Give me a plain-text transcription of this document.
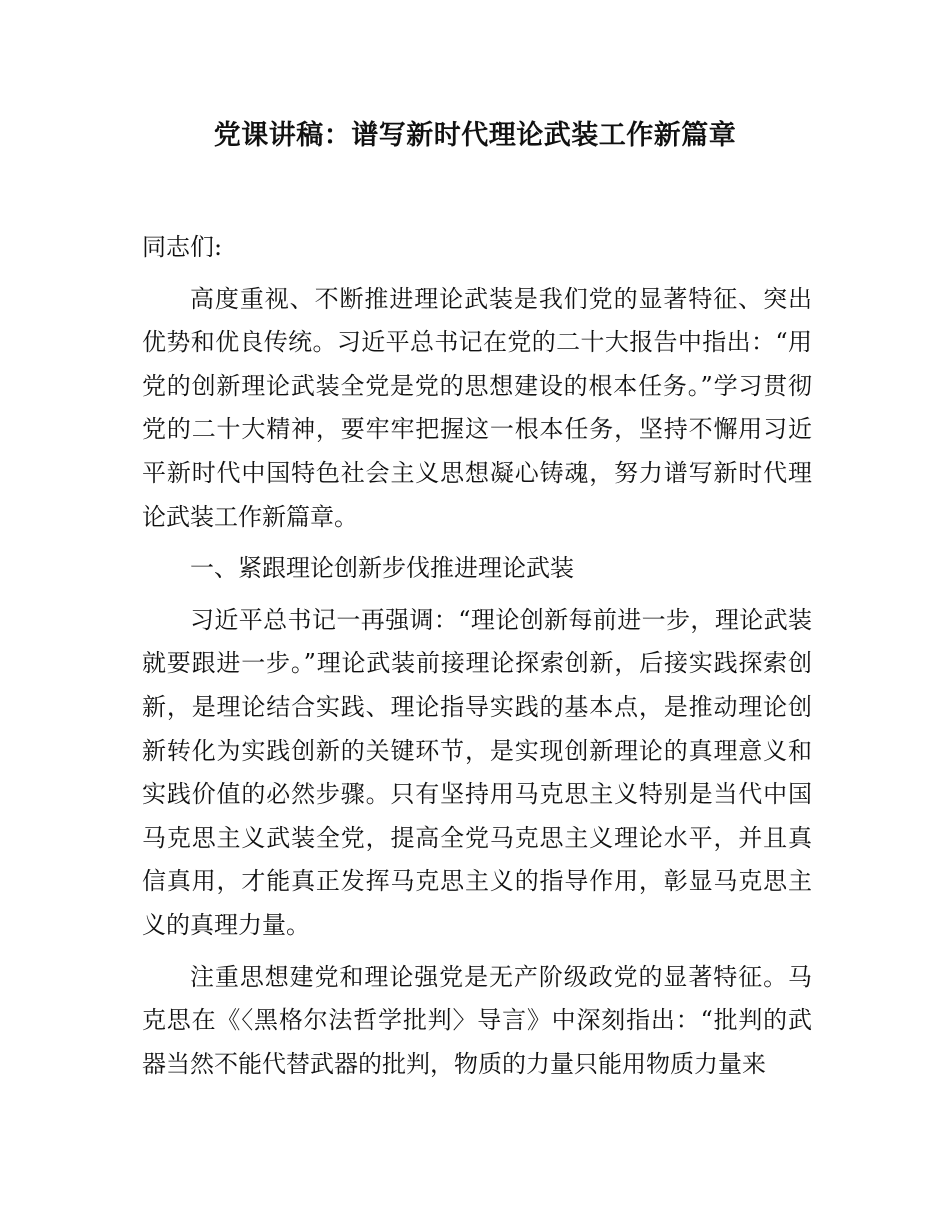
党课讲稿：谱写新时代理论武装工作新篇章

同志们:

高度重视、不断推进理论武装是我们党的显著特征、突出优势和优良传统。习近平总书记在党的二十大报告中指出：“用党的创新理论武装全党是党的思想建设的根本任务。”学习贯彻党的二十大精神，要牢牢把握这一根本任务，坚持不懈用习近平新时代中国特色社会主义思想凝心铸魂，努力谱写新时代理论武装工作新篇章。

一、紧跟理论创新步伐推进理论武装

习近平总书记一再强调：“理论创新每前进一步，理论武装就要跟进一步。”理论武装前接理论探索创新，后接实践探索创新，是理论结合实践、理论指导实践的基本点，是推动理论创新转化为实践创新的关键环节，是实现创新理论的真理意义和实践价值的必然步骤。只有坚持用马克思主义特别是当代中国马克思主义武装全党，提高全党马克思主义理论水平，并且真信真用，才能真正发挥马克思主义的指导作用，彰显马克思主义的真理力量。

注重思想建党和理论强党是无产阶级政党的显著特征。马克思在《〈黑格尔法哲学批判〉导言》中深刻指出：“批判的武器当然不能代替武器的批判，物质的力量只能用物质力量来
